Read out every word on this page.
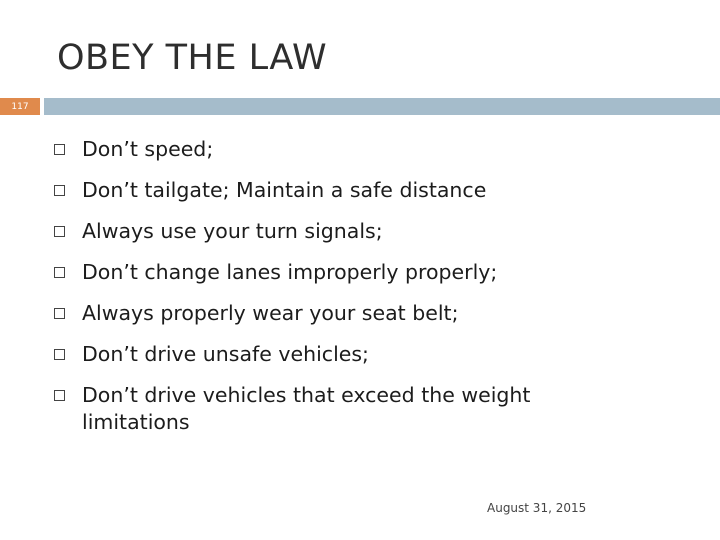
OBEY THE LAW
117
Don’t speed;
Don’t tailgate; Maintain a safe distance
Always use your turn signals;
Don’t change lanes improperly properly;
Always properly wear your seat belt;
Don’t drive unsafe vehicles;
Don’t drive vehicles that exceed the weight limitations
August 31, 2015
